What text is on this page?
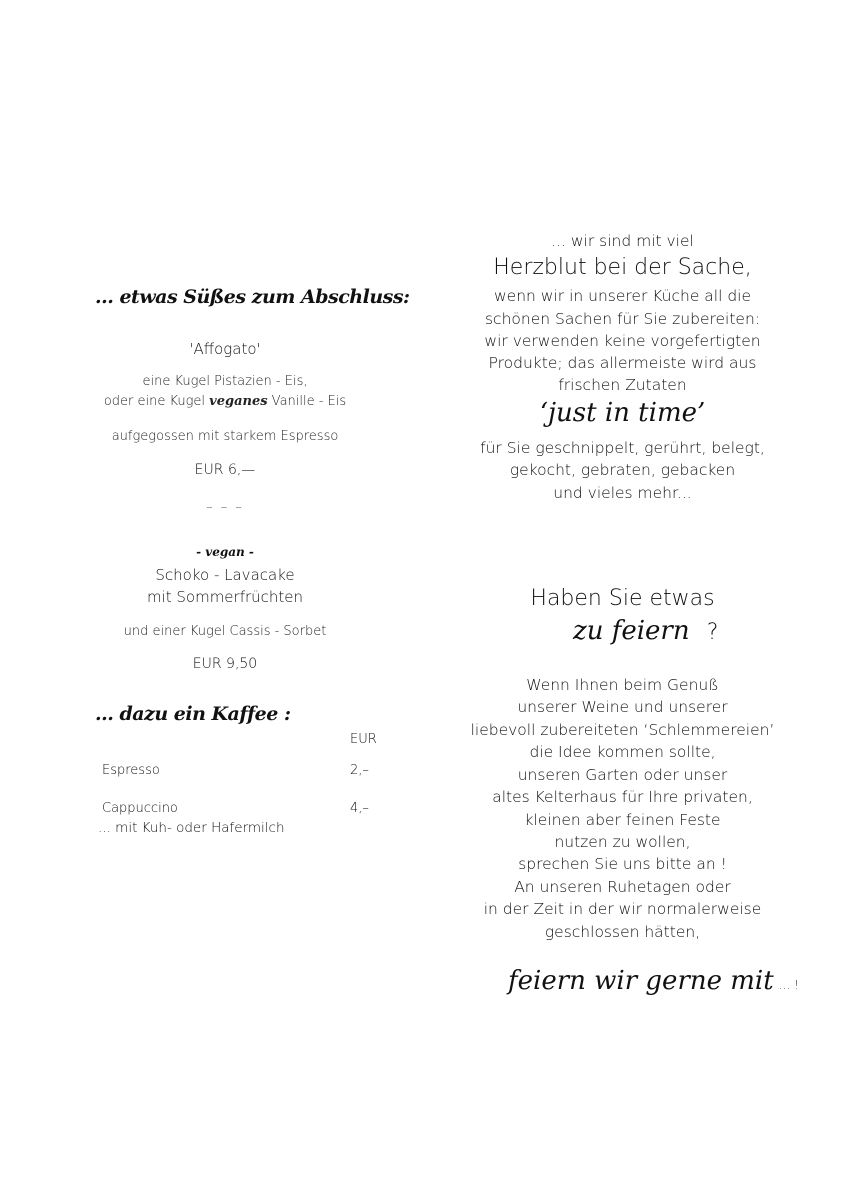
... etwas Süßes zum Abschluss:
'Affogato'
eine Kugel Pistazien - Eis,
oder eine Kugel veganes Vanille - Eis
aufgegossen mit starkem Espresso
EUR 6,—
– – –
- vegan -
Schoko - Lavacake
mit Sommerfrüchten
und einer Kugel Cassis - Sorbet
EUR 9,50
... dazu ein Kaffee :
EUR
Espresso	2,–
Cappuccino	4,–
... mit Kuh- oder Hafermilch
... wir sind mit viel
Herzblut bei der Sache,
wenn wir in unserer Küche all die
schönen Sachen für Sie zubereiten:
wir verwenden keine vorgefertigten
Produkte; das allermeiste wird aus
frischen Zutaten
‘just in time’
für Sie geschnippelt, gerührt, belegt,
gekocht, gebraten, gebacken
und vieles mehr...
Haben Sie etwas
zu feiern ?
Wenn Ihnen beim Genuß
unserer Weine und unserer
liebevoll zubereiteten ‘Schlemmereien’
die Idee kommen sollte,
unseren Garten oder unser
altes Kelterhaus für Ihre privaten,
kleinen aber feinen Feste
nutzen zu wollen,
sprechen Sie uns bitte an !
An unseren Ruhetagen oder
in der Zeit in der wir normalerweise
geschlossen hätten,
feiern wir gerne mit ... !
